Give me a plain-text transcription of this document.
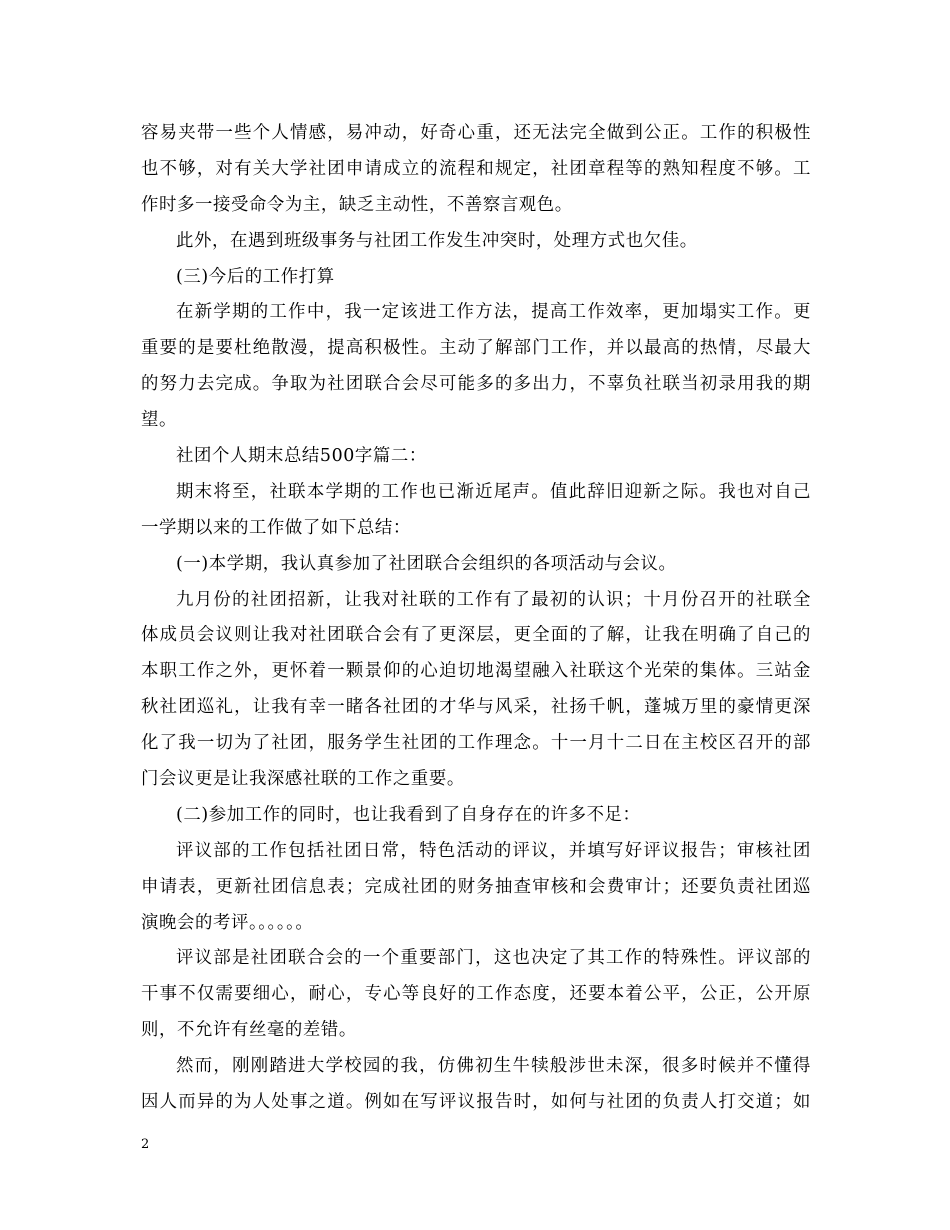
容易夹带一些个人情感，易冲动，好奇心重，还无法完全做到公正。工作的积极性
也不够，对有关大学社团申请成立的流程和规定，社团章程等的熟知程度不够。工
作时多一接受命令为主，缺乏主动性，不善察言观色。
此外，在遇到班级事务与社团工作发生冲突时，处理方式也欠佳。
(三)今后的工作打算
在新学期的工作中，我一定该进工作方法，提高工作效率，更加塌实工作。更
重要的是要杜绝散漫，提高积极性。主动了解部门工作，并以最高的热情，尽最大
的努力去完成。争取为社团联合会尽可能多的多出力，不辜负社联当初录用我的期
望。
社团个人期末总结500字篇二：
期末将至，社联本学期的工作也已渐近尾声。值此辞旧迎新之际。我也对自己
一学期以来的工作做了如下总结：
(一)本学期，我认真参加了社团联合会组织的各项活动与会议。
九月份的社团招新，让我对社联的工作有了最初的认识；十月份召开的社联全
体成员会议则让我对社团联合会有了更深层，更全面的了解，让我在明确了自己的
本职工作之外，更怀着一颗景仰的心迫切地渴望融入社联这个光荣的集体。三站金
秋社团巡礼，让我有幸一睹各社团的才华与风采，社扬千帆，蓬城万里的豪情更深
化了我一切为了社团，服务学生社团的工作理念。十一月十二日在主校区召开的部
门会议更是让我深感社联的工作之重要。
(二)参加工作的同时，也让我看到了自身存在的许多不足：
评议部的工作包括社团日常，特色活动的评议，并填写好评议报告；审核社团
申请表，更新社团信息表；完成社团的财务抽查审核和会费审计；还要负责社团巡
演晚会的考评。。。。。。
评议部是社团联合会的一个重要部门，这也决定了其工作的特殊性。评议部的
干事不仅需要细心，耐心，专心等良好的工作态度，还要本着公平，公正，公开原
则，不允许有丝毫的差错。
然而，刚刚踏进大学校园的我，仿佛初生牛犊般涉世未深，很多时候并不懂得
因人而异的为人处事之道。例如在写评议报告时，如何与社团的负责人打交道；如
2
